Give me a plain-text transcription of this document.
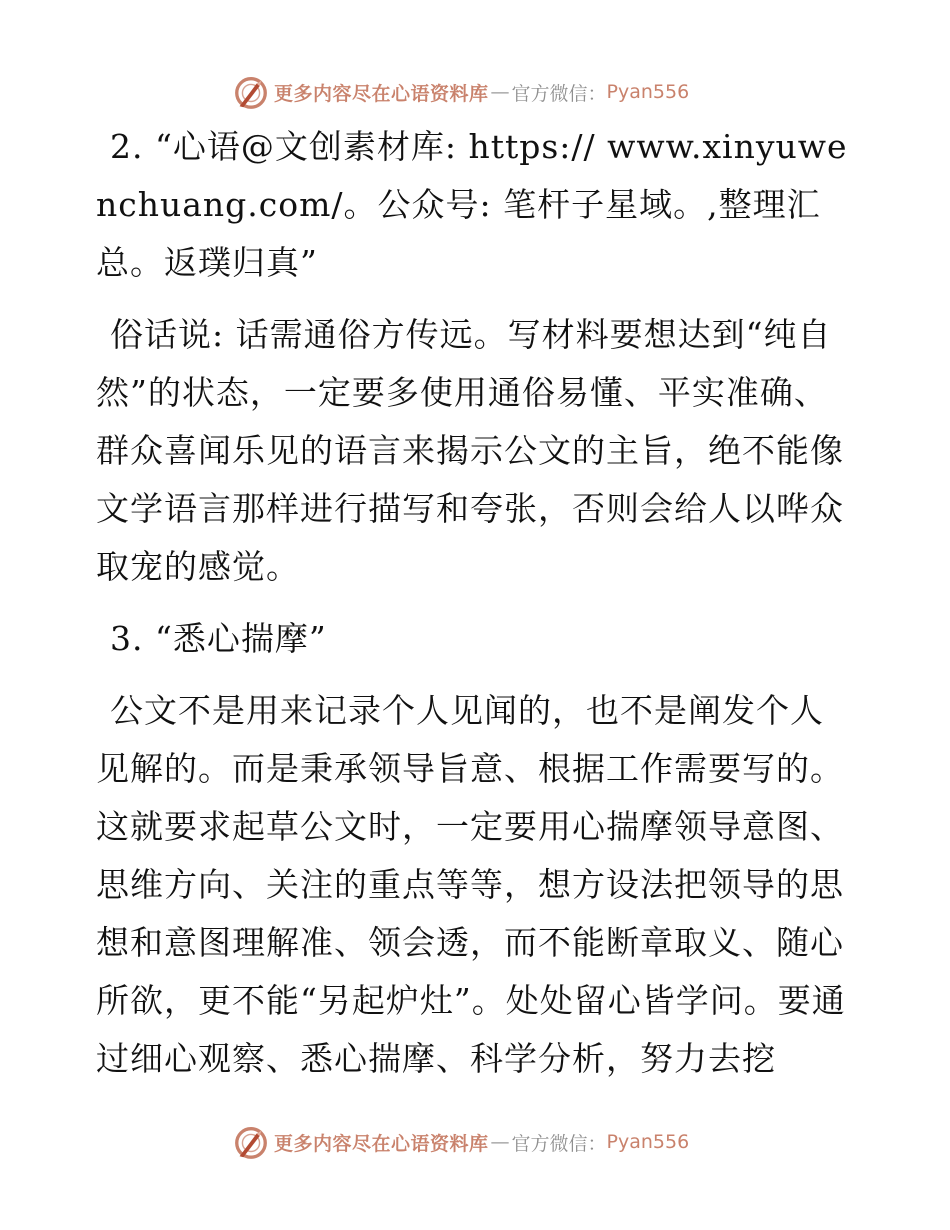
更多内容尽在心语资料库 — 官方微信： Pyan556

2. “心语@文创素材库: https:// www.xinyuwenchuang.com/。公众号: 笔杆子星域。,整理汇总。返璞归真”

俗话说: 话需通俗方传远。写材料要想达到“纯自然”的状态，一定要多使用通俗易懂、平实准确、群众喜闻乐见的语言来揭示公文的主旨，绝不能像文学语言那样进行描写和夸张，否则会给人以哗众取宠的感觉。

3. “悉心揣摩”

公文不是用来记录个人见闻的，也不是阐发个人见解的。而是秉承领导旨意、根据工作需要写的。这就要求起草公文时，一定要用心揣摩领导意图、思维方向、关注的重点等等，想方设法把领导的思想和意图理解准、领会透，而不能断章取义、随心所欲，更不能“另起炉灶”。处处留心皆学问。要通过细心观察、悉心揣摩、科学分析，努力去挖

更多内容尽在心语资料库 — 官方微信： Pyan556
